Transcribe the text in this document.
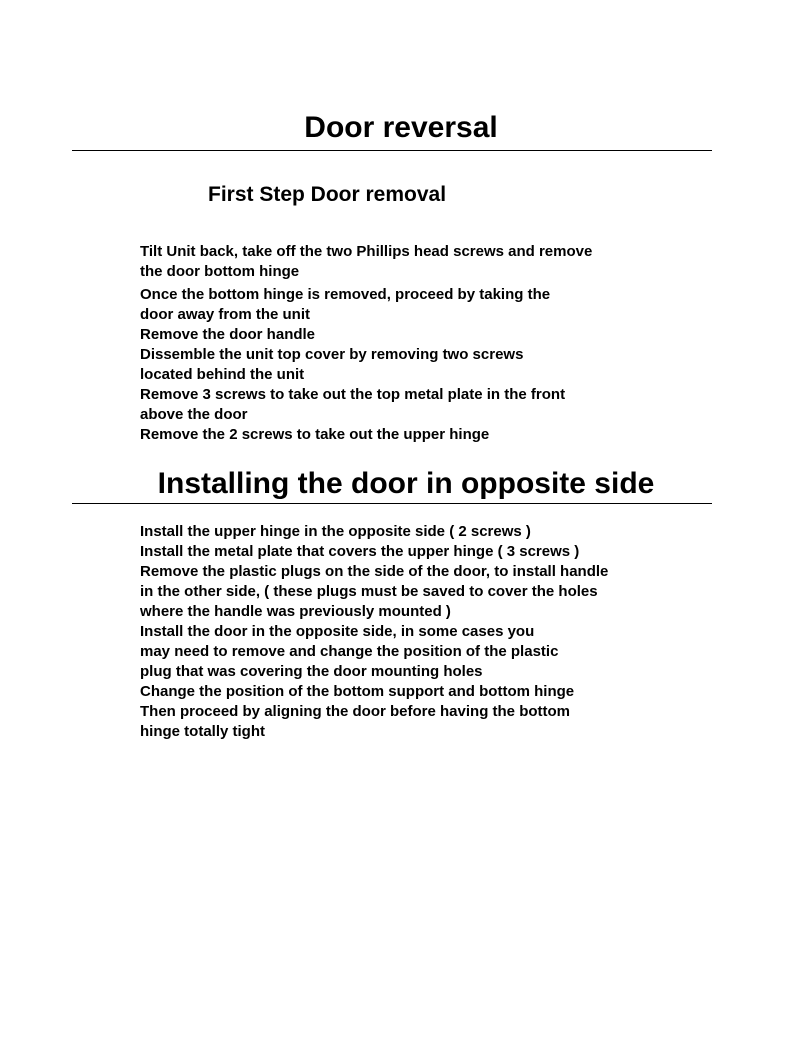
Door reversal
First Step Door removal
Tilt Unit back, take off the two Phillips head screws and remove
the door bottom hinge
Once the bottom hinge is removed, proceed by taking the
door away from the unit
Remove the door handle
Dissemble the unit top cover by removing two screws
located behind the unit
Remove 3 screws to take out the top metal plate in the front
above the door
Remove the 2 screws to take out the upper hinge
Installing the door in opposite side
Install the upper hinge in the opposite side ( 2 screws )
Install the metal plate that covers the upper hinge ( 3 screws )
Remove the plastic plugs on the side of the door, to install handle
in the other side, ( these plugs must be saved to cover the holes
where the handle was previously mounted )
Install the door in the opposite side, in some cases you
may need to remove and change the position of the plastic
plug that was covering the door mounting holes
Change the position of the bottom support and bottom hinge
Then proceed by aligning the door before having the bottom
hinge totally tight
